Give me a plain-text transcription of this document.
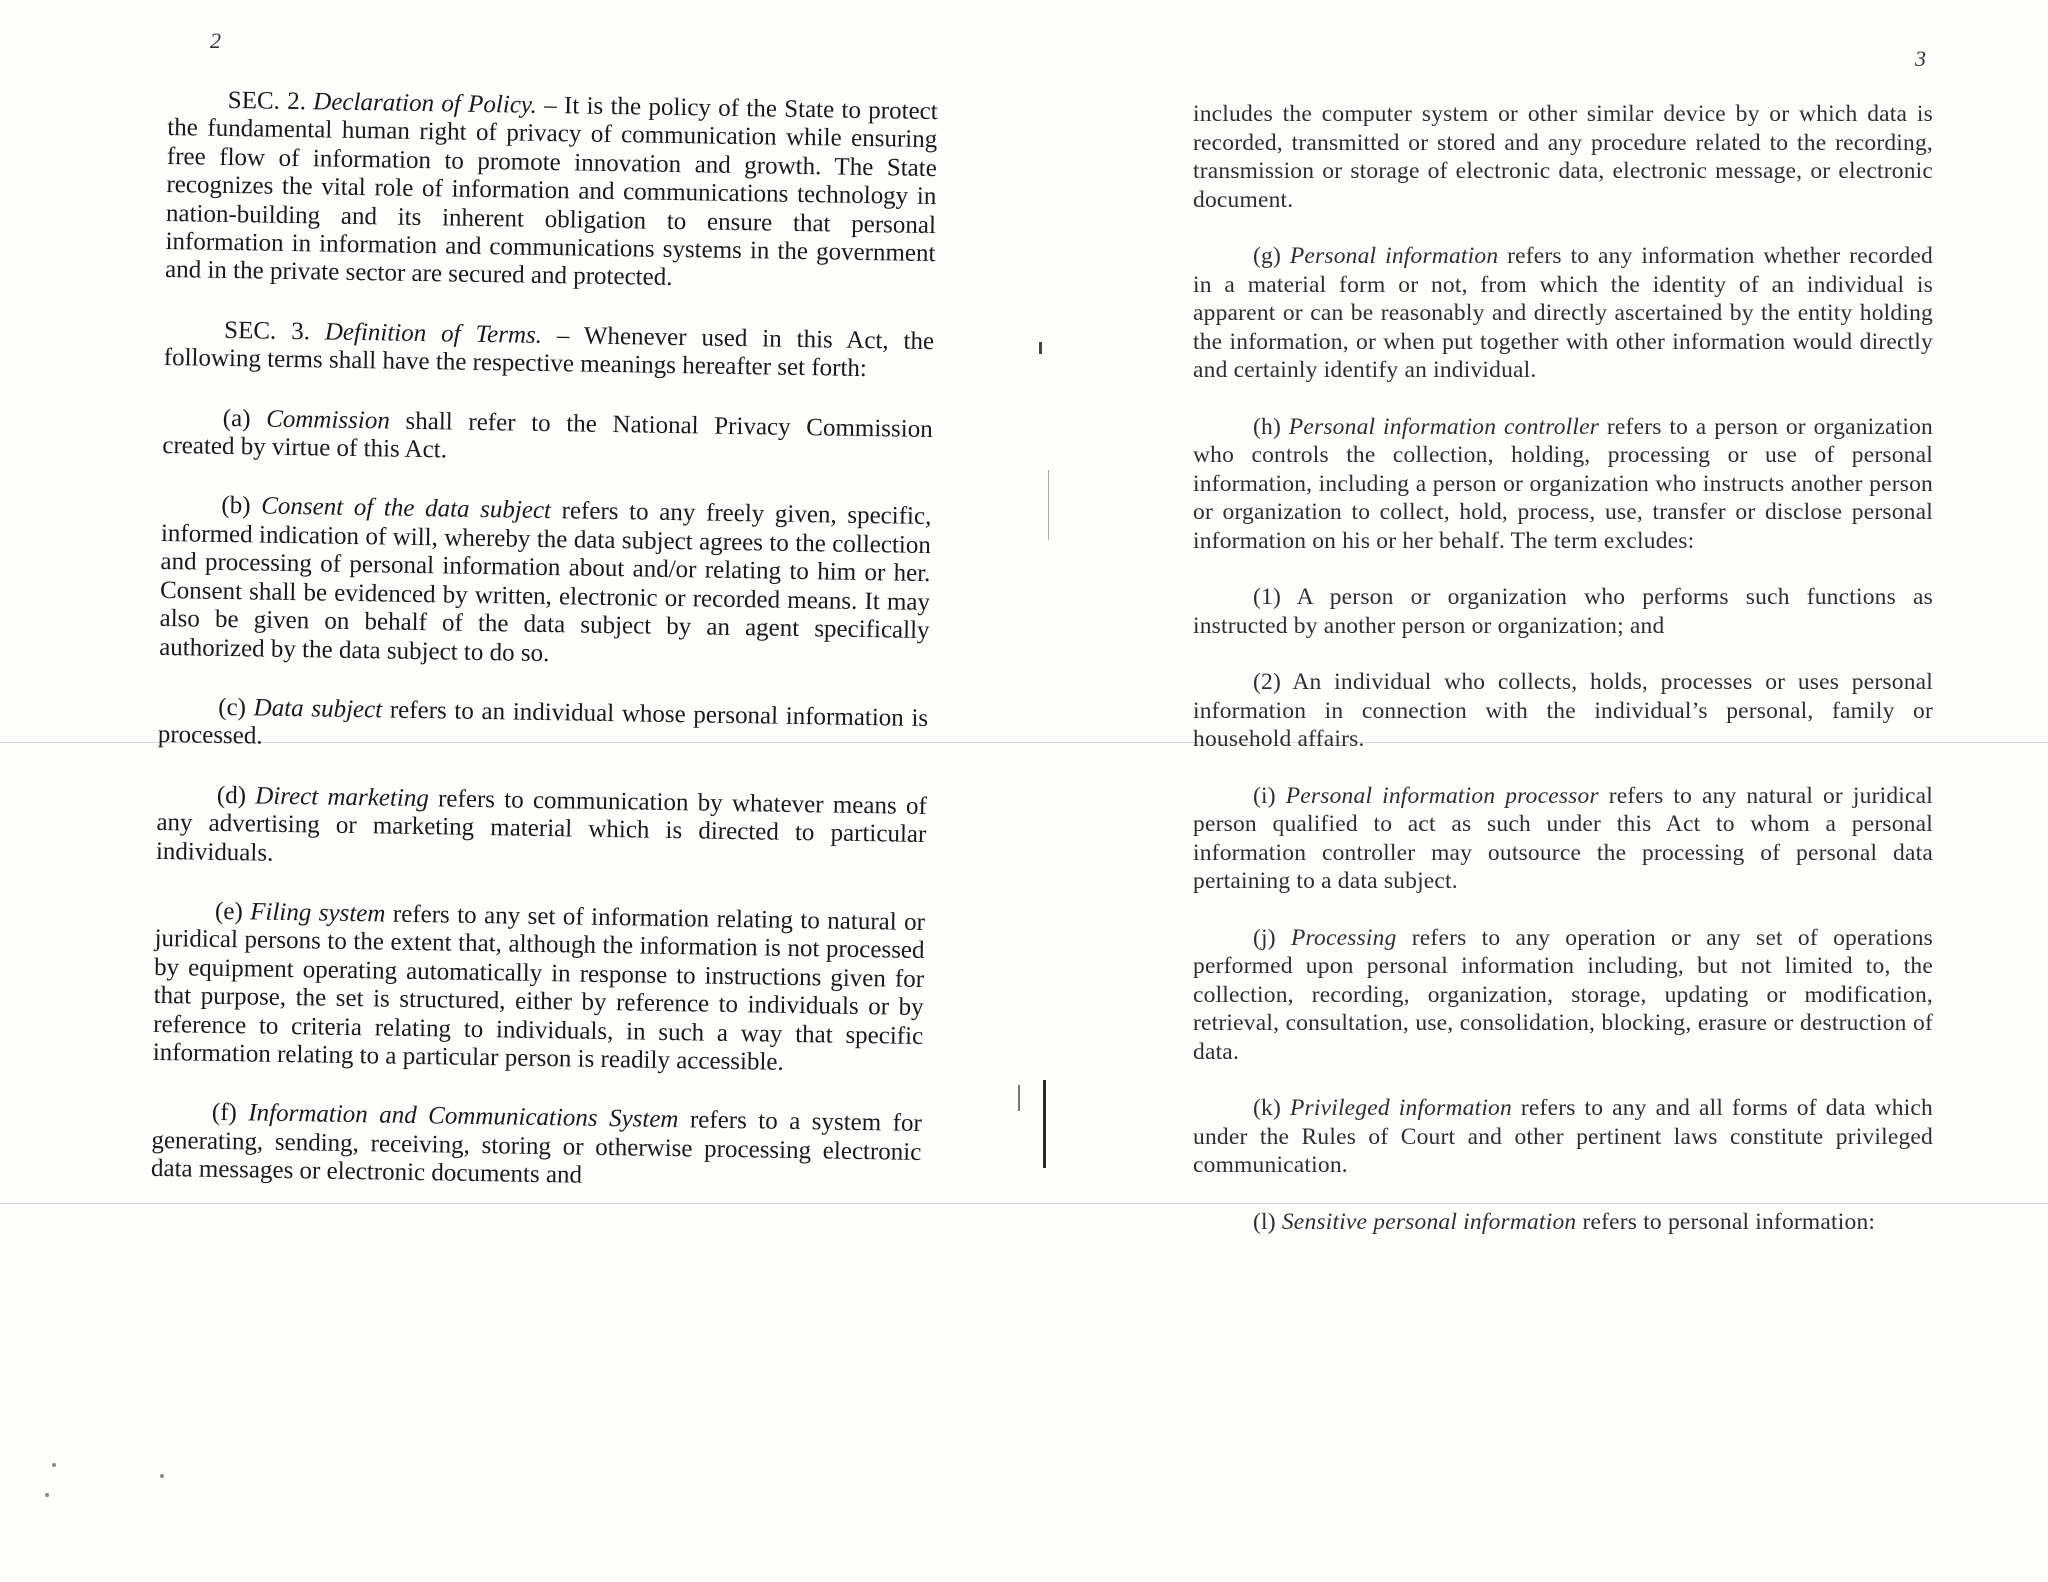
2

SEC. 2. Declaration of Policy. – It is the policy of the State to protect the fundamental human right of privacy of communication while ensuring free flow of information to promote innovation and growth. The State recognizes the vital role of information and communications technology in nation-building and its inherent obligation to ensure that personal information in information and communications systems in the government and in the private sector are secured and protected.

SEC. 3. Definition of Terms. – Whenever used in this Act, the following terms shall have the respective meanings hereafter set forth:

(a) Commission shall refer to the National Privacy Commission created by virtue of this Act.

(b) Consent of the data subject refers to any freely given, specific, informed indication of will, whereby the data subject agrees to the collection and processing of personal information about and/or relating to him or her. Consent shall be evidenced by written, electronic or recorded means. It may also be given on behalf of the data subject by an agent specifically authorized by the data subject to do so.

(c) Data subject refers to an individual whose personal information is processed.

(d) Direct marketing refers to communication by whatever means of any advertising or marketing material which is directed to particular individuals.

(e) Filing system refers to any set of information relating to natural or juridical persons to the extent that, although the information is not processed by equipment operating automatically in response to instructions given for that purpose, the set is structured, either by reference to individuals or by reference to criteria relating to individuals, in such a way that specific information relating to a particular person is readily accessible.

(f) Information and Communications System refers to a system for generating, sending, receiving, storing or otherwise processing electronic data messages or electronic documents and

3

includes the computer system or other similar device by or which data is recorded, transmitted or stored and any procedure related to the recording, transmission or storage of electronic data, electronic message, or electronic document.

(g) Personal information refers to any information whether recorded in a material form or not, from which the identity of an individual is apparent or can be reasonably and directly ascertained by the entity holding the information, or when put together with other information would directly and certainly identify an individual.

(h) Personal information controller refers to a person or organization who controls the collection, holding, processing or use of personal information, including a person or organization who instructs another person or organization to collect, hold, process, use, transfer or disclose personal information on his or her behalf. The term excludes:

(1) A person or organization who performs such functions as instructed by another person or organization; and

(2) An individual who collects, holds, processes or uses personal information in connection with the individual’s personal, family or household affairs.

(i) Personal information processor refers to any natural or juridical person qualified to act as such under this Act to whom a personal information controller may outsource the processing of personal data pertaining to a data subject.

(j) Processing refers to any operation or any set of operations performed upon personal information including, but not limited to, the collection, recording, organization, storage, updating or modification, retrieval, consultation, use, consolidation, blocking, erasure or destruction of data.

(k) Privileged information refers to any and all forms of data which under the Rules of Court and other pertinent laws constitute privileged communication.

(l) Sensitive personal information refers to personal information:
